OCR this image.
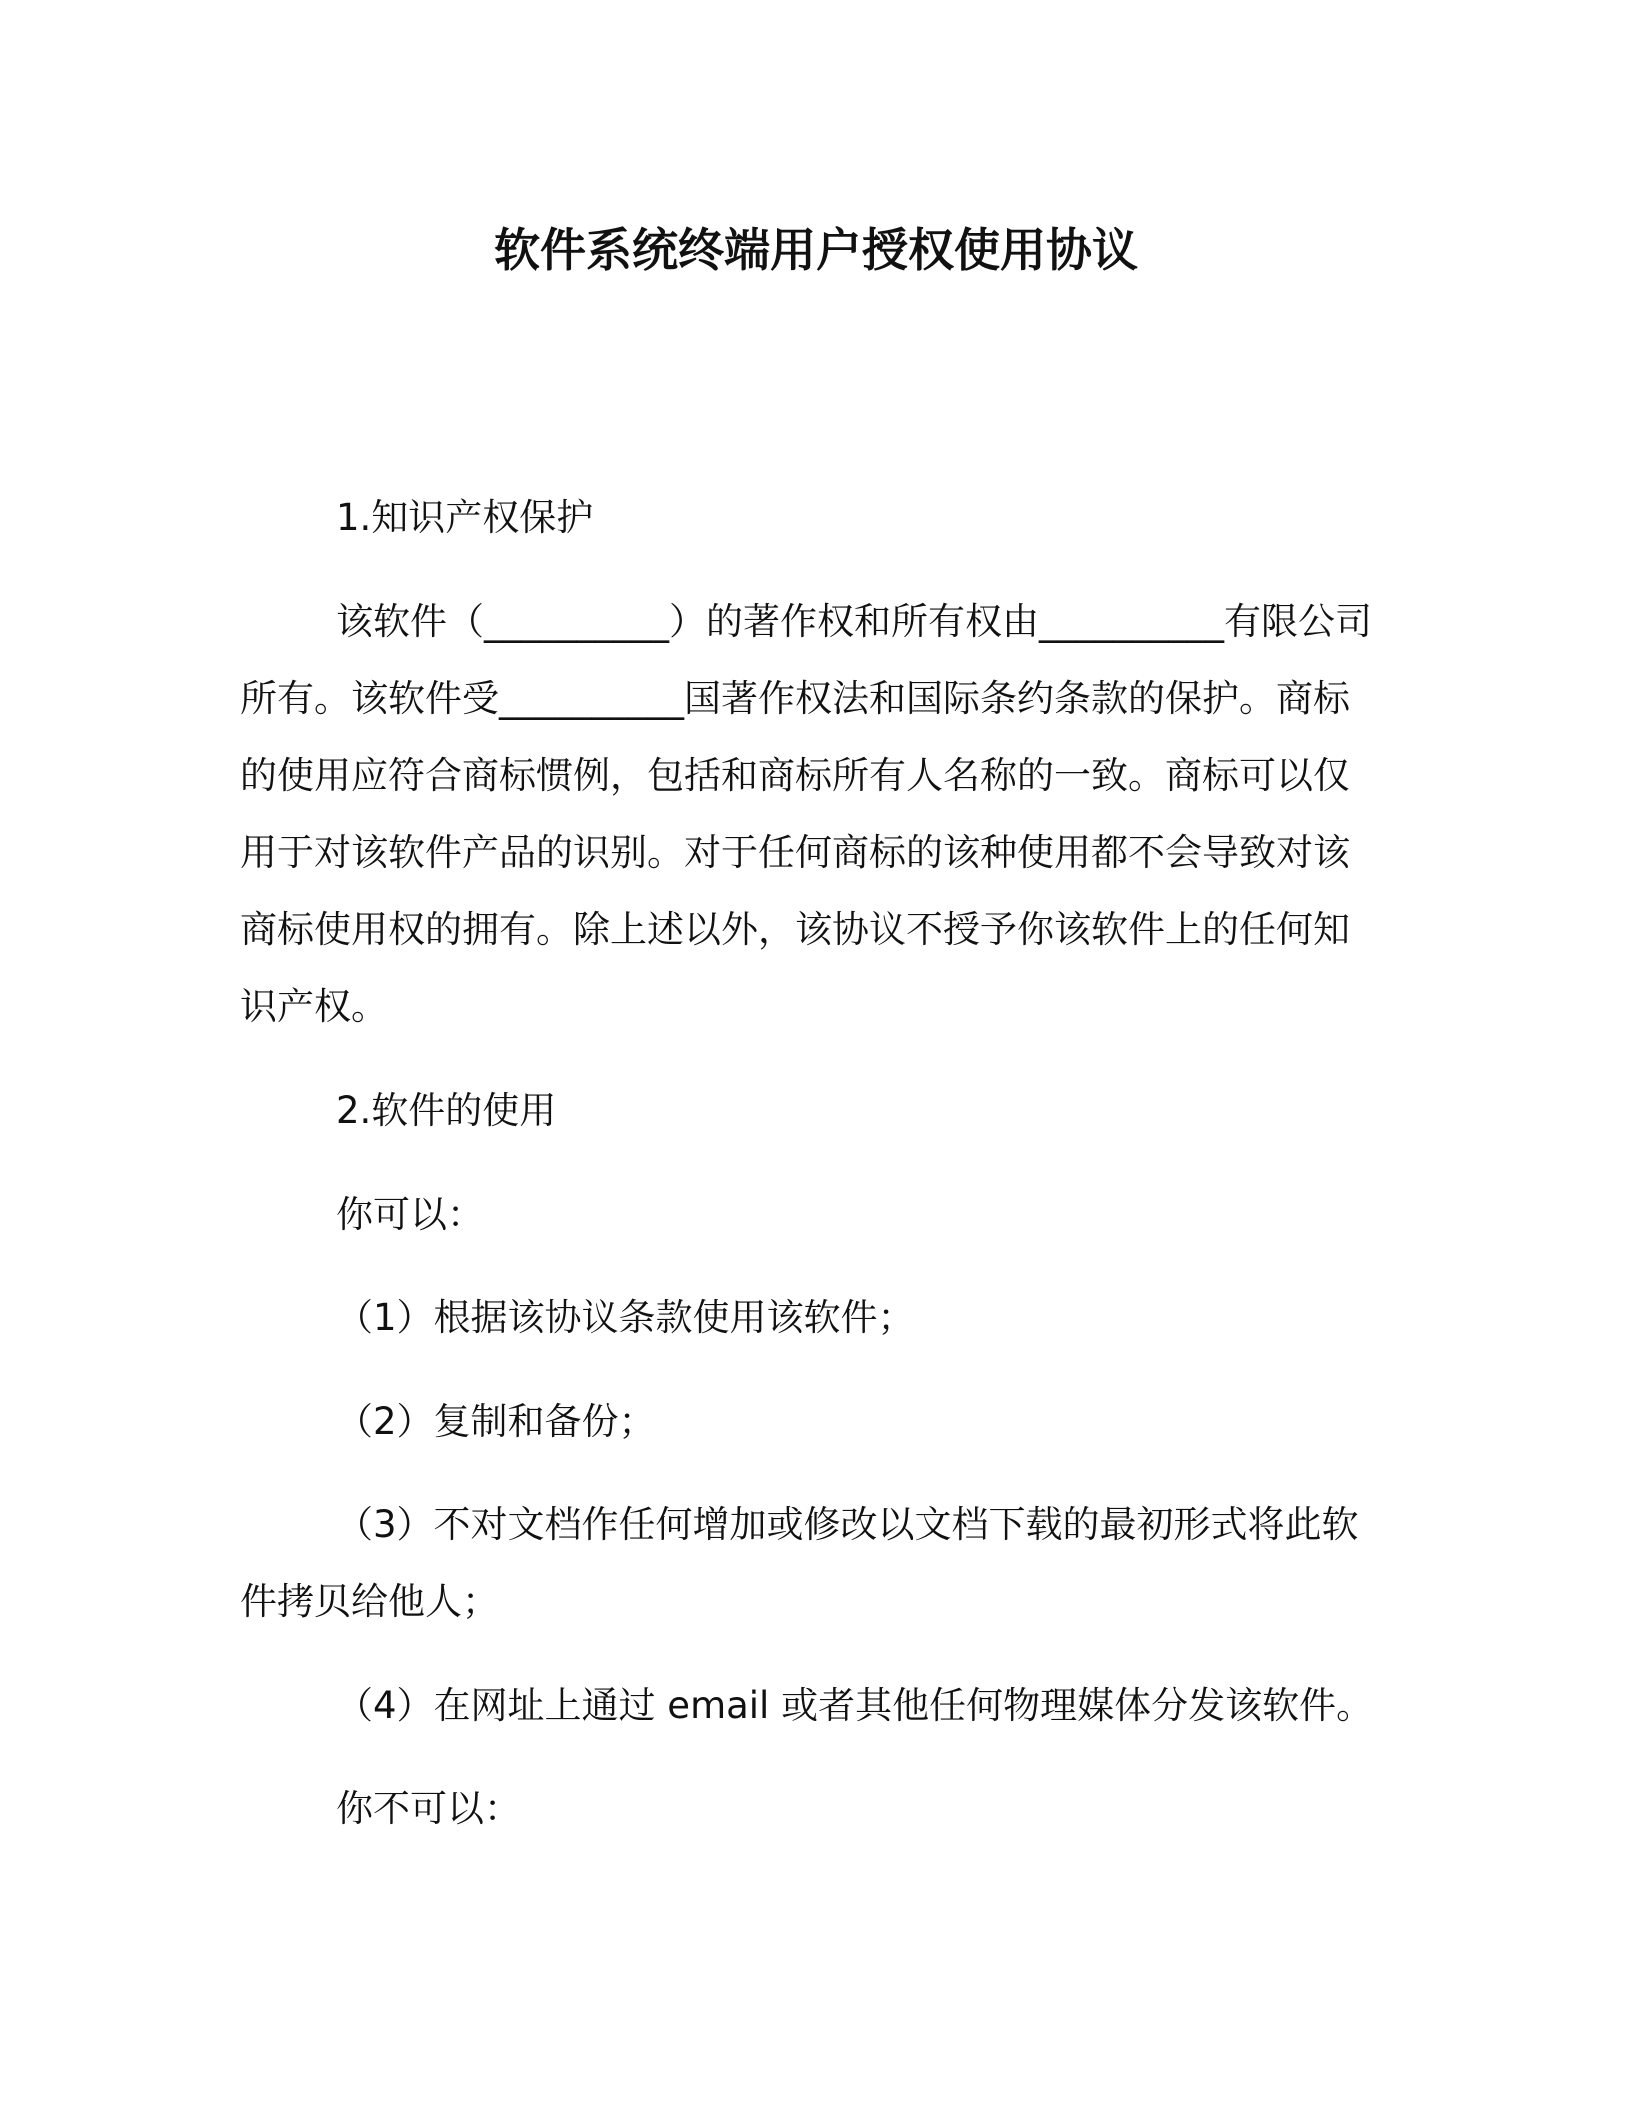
软件系统终端用户授权使用协议
1.知识产权保护
该软件（__________）的著作权和所有权由__________有限公司
所有。该软件受__________国著作权法和国际条约条款的保护。商标
的使用应符合商标惯例，包括和商标所有人名称的一致。商标可以仅
用于对该软件产品的识别。对于任何商标的该种使用都不会导致对该
商标使用权的拥有。除上述以外，该协议不授予你该软件上的任何知
识产权。
2.软件的使用
你可以：
（1）根据该协议条款使用该软件；
（2）复制和备份；
（3）不对文档作任何增加或修改以文档下载的最初形式将此软
件拷贝给他人；
（4）在网址上通过 email 或者其他任何物理媒体分发该软件。
你不可以：
